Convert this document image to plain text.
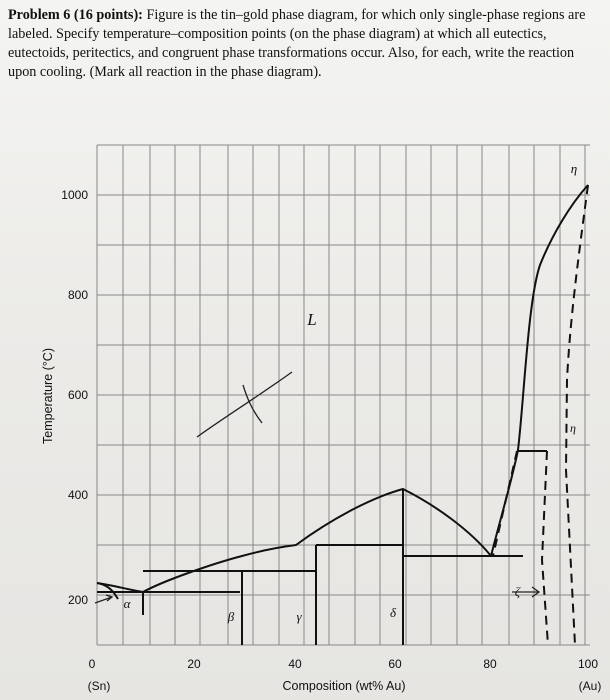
Problem 6 (16 points): Figure is the tin–gold phase diagram, for which only single-phase regions are labeled. Specify temperature–composition points (on the phase diagram) at which all eutectics, eutectoids, peritectics, and congruent phase transformations occur. Also, for each, write the reaction upon cooling. (Mark all reaction in the phase diagram).
1000
800
600
400
200
Temperature (°C)
0	20	40	60	80	100
(Sn)	(Au)
Composition (wt% Au)
L
α
β	γ	δ
ζ
η
η
